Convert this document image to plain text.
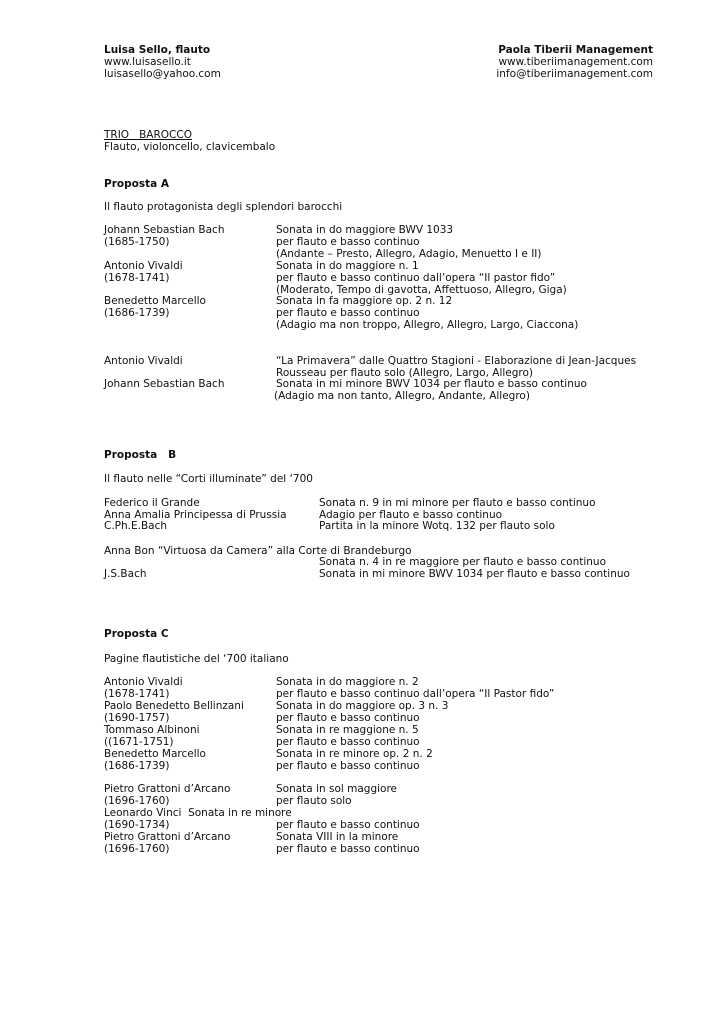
Luisa Sello, flauto
www.luisasello.it
luisasello@yahoo.com
Paola Tiberii Management
www.tiberiimanagement.com
info@tiberiimanagement.com
TRIO   BAROCCO
Flauto, violoncello, clavicembalo
Proposta A
Il flauto protagonista degli splendori barocchi
Johann Sebastian Bach
(1685-1750)
Antonio Vivaldi
(1678-1741)
Benedetto Marcello
(1686-1739)
Antonio Vivaldi
Johann Sebastian Bach
Sonata in do maggiore BWV 1033
per flauto e basso continuo
(Andante – Presto, Allegro, Adagio, Menuetto I e II)
Sonata in do maggiore n. 1
per flauto e basso continuo dall’opera “Il pastor fido”
(Moderato, Tempo di gavotta, Affettuoso, Allegro, Giga)
Sonata in fa maggiore op. 2 n. 12
per flauto e basso continuo
(Adagio ma non troppo, Allegro, Allegro, Largo, Ciaccona)
“La Primavera” dalle Quattro Stagioni - Elaborazione di Jean-Jacques
Rousseau per flauto solo (Allegro, Largo, Allegro)
Sonata in mi minore BWV 1034 per flauto e basso continuo
(Adagio ma non tanto, Allegro, Andante, Allegro)
Proposta   B
Il flauto nelle “Corti illuminate” del ‘700
Federico il Grande
Anna Amalia Principessa di Prussia
C.Ph.E.Bach
Anna Bon “Virtuosa da Camera” alla Corte di Brandeburgo
J.S.Bach
Sonata n. 9 in mi minore per flauto e basso continuo
Adagio per flauto e basso continuo
Partita in la minore Wotq. 132 per flauto solo
Sonata n. 4 in re maggiore per flauto e basso continuo
Sonata in mi minore BWV 1034 per flauto e basso continuo
Proposta C
Pagine flautistiche del ‘700 italiano
Antonio Vivaldi
(1678-1741)
Paolo Benedetto Bellinzani
(1690-1757)
Tommaso Albinoni
((1671-1751)
Benedetto Marcello
(1686-1739)
Pietro Grattoni d’Arcano
(1696-1760)
Leonardo Vinci  Sonata in re minore
(1690-1734)
Pietro Grattoni d’Arcano
(1696-1760)
Sonata in do maggiore n. 2
per flauto e basso continuo dall’opera “Il Pastor fido”
Sonata in do maggiore op. 3 n. 3
per flauto e basso continuo
Sonata in re maggione n. 5
per flauto e basso continuo
Sonata in re minore op. 2 n. 2
per flauto e basso continuo
Sonata in sol maggiore
per flauto solo
per flauto e basso continuo
Sonata VIII in la minore
per flauto e basso continuo
